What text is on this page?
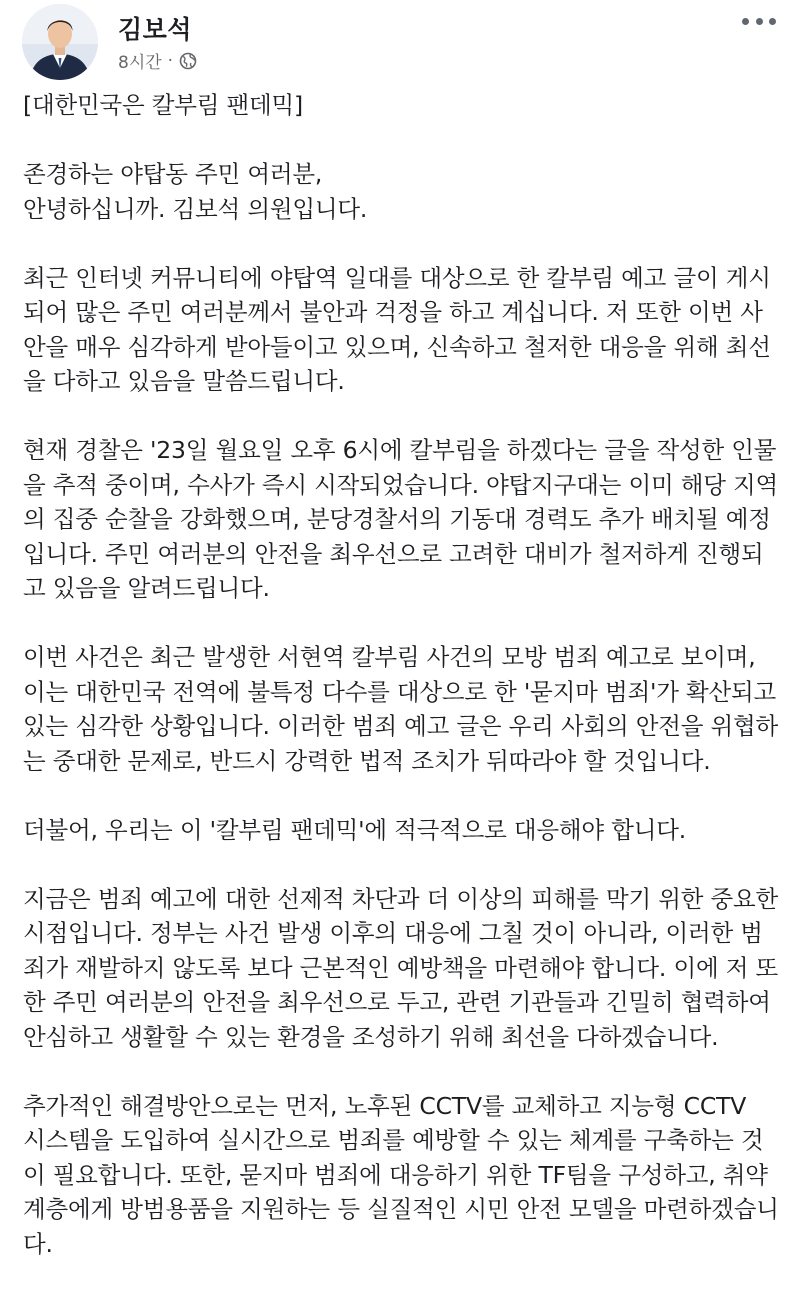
김보석
8시간 ·
[대한민국은 칼부림 팬데믹]
존경하는 야탑동 주민 여러분,
안녕하십니까. 김보석 의원입니다.
최근 인터넷 커뮤니티에 야탑역 일대를 대상으로 한 칼부림 예고 글이 게시
되어 많은 주민 여러분께서 불안과 걱정을 하고 계십니다. 저 또한 이번 사
안을 매우 심각하게 받아들이고 있으며, 신속하고 철저한 대응을 위해 최선
을 다하고 있음을 말씀드립니다.
현재 경찰은 '23일 월요일 오후 6시에 칼부림을 하겠다는 글을 작성한 인물
을 추적 중이며, 수사가 즉시 시작되었습니다. 야탑지구대는 이미 해당 지역
의 집중 순찰을 강화했으며, 분당경찰서의 기동대 경력도 추가 배치될 예정
입니다. 주민 여러분의 안전을 최우선으로 고려한 대비가 철저하게 진행되
고 있음을 알려드립니다.
이번 사건은 최근 발생한 서현역 칼부림 사건의 모방 범죄 예고로 보이며,
이는 대한민국 전역에 불특정 다수를 대상으로 한 '묻지마 범죄'가 확산되고
있는 심각한 상황입니다. 이러한 범죄 예고 글은 우리 사회의 안전을 위협하
는 중대한 문제로, 반드시 강력한 법적 조치가 뒤따라야 할 것입니다.
더불어, 우리는 이 '칼부림 팬데믹'에 적극적으로 대응해야 합니다.
지금은 범죄 예고에 대한 선제적 차단과 더 이상의 피해를 막기 위한 중요한
시점입니다. 정부는 사건 발생 이후의 대응에 그칠 것이 아니라, 이러한 범
죄가 재발하지 않도록 보다 근본적인 예방책을 마련해야 합니다. 이에 저 또
한 주민 여러분의 안전을 최우선으로 두고, 관련 기관들과 긴밀히 협력하여
안심하고 생활할 수 있는 환경을 조성하기 위해 최선을 다하겠습니다.
추가적인 해결방안으로는 먼저, 노후된 CCTV를 교체하고 지능형 CCTV
시스템을 도입하여 실시간으로 범죄를 예방할 수 있는 체계를 구축하는 것
이 필요합니다. 또한, 묻지마 범죄에 대응하기 위한 TF팀을 구성하고, 취약
계층에게 방범용품을 지원하는 등 실질적인 시민 안전 모델을 마련하겠습니
다.
